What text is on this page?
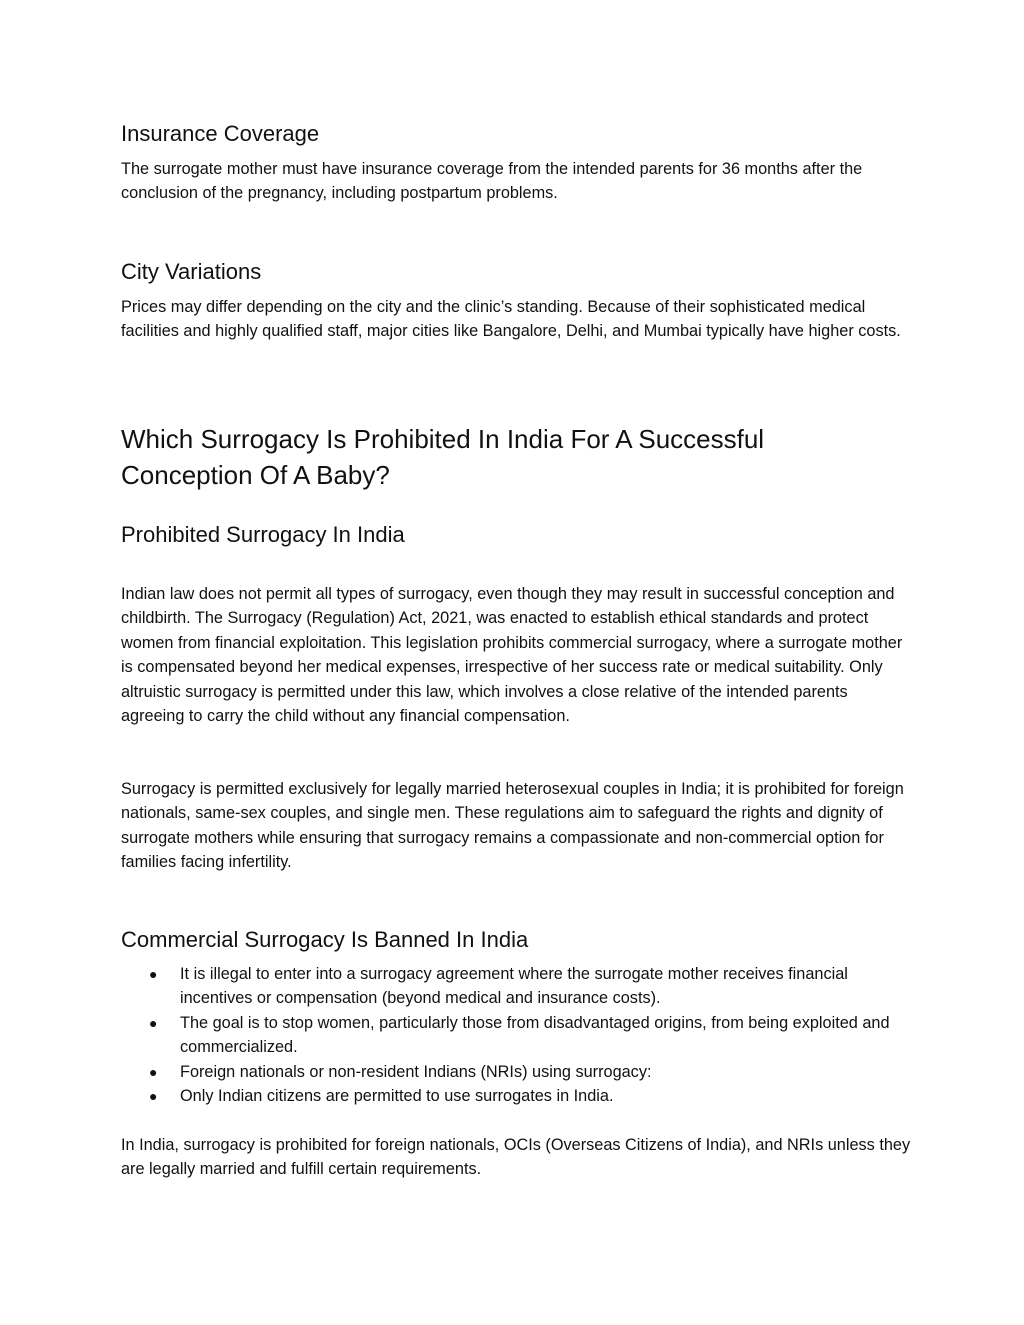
Insurance Coverage

The surrogate mother must have insurance coverage from the intended parents for 36 months after the conclusion of the pregnancy, including postpartum problems.

City Variations

Prices may differ depending on the city and the clinic’s standing. Because of their sophisticated medical facilities and highly qualified staff, major cities like Bangalore, Delhi, and Mumbai typically have higher costs.

Which Surrogacy Is Prohibited In India For A Successful Conception Of A Baby?
Prohibited Surrogacy In India

Indian law does not permit all types of surrogacy, even though they may result in successful conception and childbirth. The Surrogacy (Regulation) Act, 2021, was enacted to establish ethical standards and protect women from financial exploitation. This legislation prohibits commercial surrogacy, where a surrogate mother is compensated beyond her medical expenses, irrespective of her success rate or medical suitability. Only altruistic surrogacy is permitted under this law, which involves a close relative of the intended parents agreeing to carry the child without any financial compensation.

Surrogacy is permitted exclusively for legally married heterosexual couples in India; it is prohibited for foreign nationals, same-sex couples, and single men. These regulations aim to safeguard the rights and dignity of surrogate mothers while ensuring that surrogacy remains a compassionate and non-commercial option for families facing infertility.

Commercial Surrogacy Is Banned In India
● It is illegal to enter into a surrogacy agreement where the surrogate mother receives financial incentives or compensation (beyond medical and insurance costs).
● The goal is to stop women, particularly those from disadvantaged origins, from being exploited and commercialized.
● Foreign nationals or non-resident Indians (NRIs) using surrogacy:
● Only Indian citizens are permitted to use surrogates in India.

In India, surrogacy is prohibited for foreign nationals, OCIs (Overseas Citizens of India), and NRIs unless they are legally married and fulfill certain requirements.
